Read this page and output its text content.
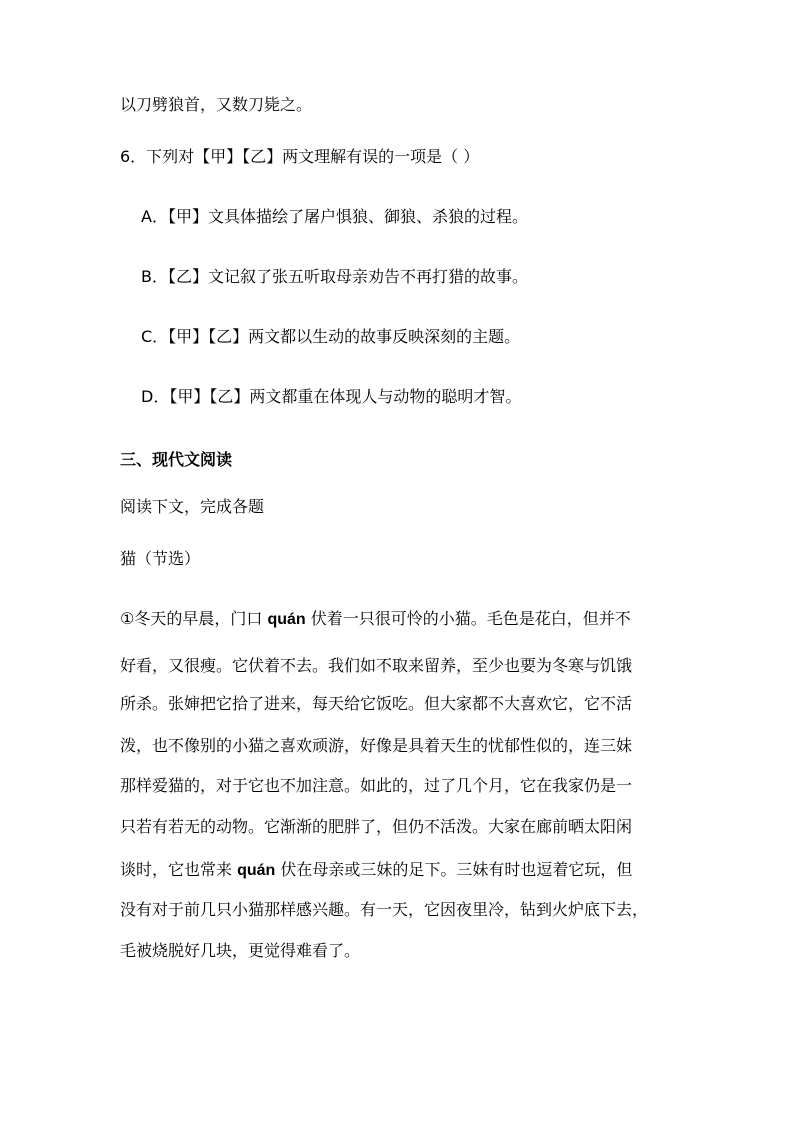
以刀劈狼首，又数刀毙之。
6．下列对【甲】【乙】两文理解有误的一项是（ ）
A．【甲】文具体描绘了屠户惧狼、御狼、杀狼的过程。
B．【乙】文记叙了张五听取母亲劝告不再打猎的故事。
C．【甲】【乙】两文都以生动的故事反映深刻的主题。
D．【甲】【乙】两文都重在体现人与动物的聪明才智。
三、现代文阅读
阅读下文，完成各题
猫（节选）
①冬天的早晨，门口 quán 伏着一只很可怜的小猫。毛色是花白，但并不
好看，又很瘦。它伏着不去。我们如不取来留养，至少也要为冬寒与饥饿
所杀。张婶把它拾了进来，每天给它饭吃。但大家都不大喜欢它，它不活
泼，也不像别的小猫之喜欢顽游，好像是具着天生的忧郁性似的，连三妹
那样爱猫的，对于它也不加注意。如此的，过了几个月，它在我家仍是一
只若有若无的动物。它渐渐的肥胖了，但仍不活泼。大家在廊前晒太阳闲
谈时，它也常来 quán 伏在母亲或三妹的足下。三妹有时也逗着它玩，但
没有对于前几只小猫那样感兴趣。有一天，它因夜里冷，钻到火炉底下去，
毛被烧脱好几块，更觉得难看了。
